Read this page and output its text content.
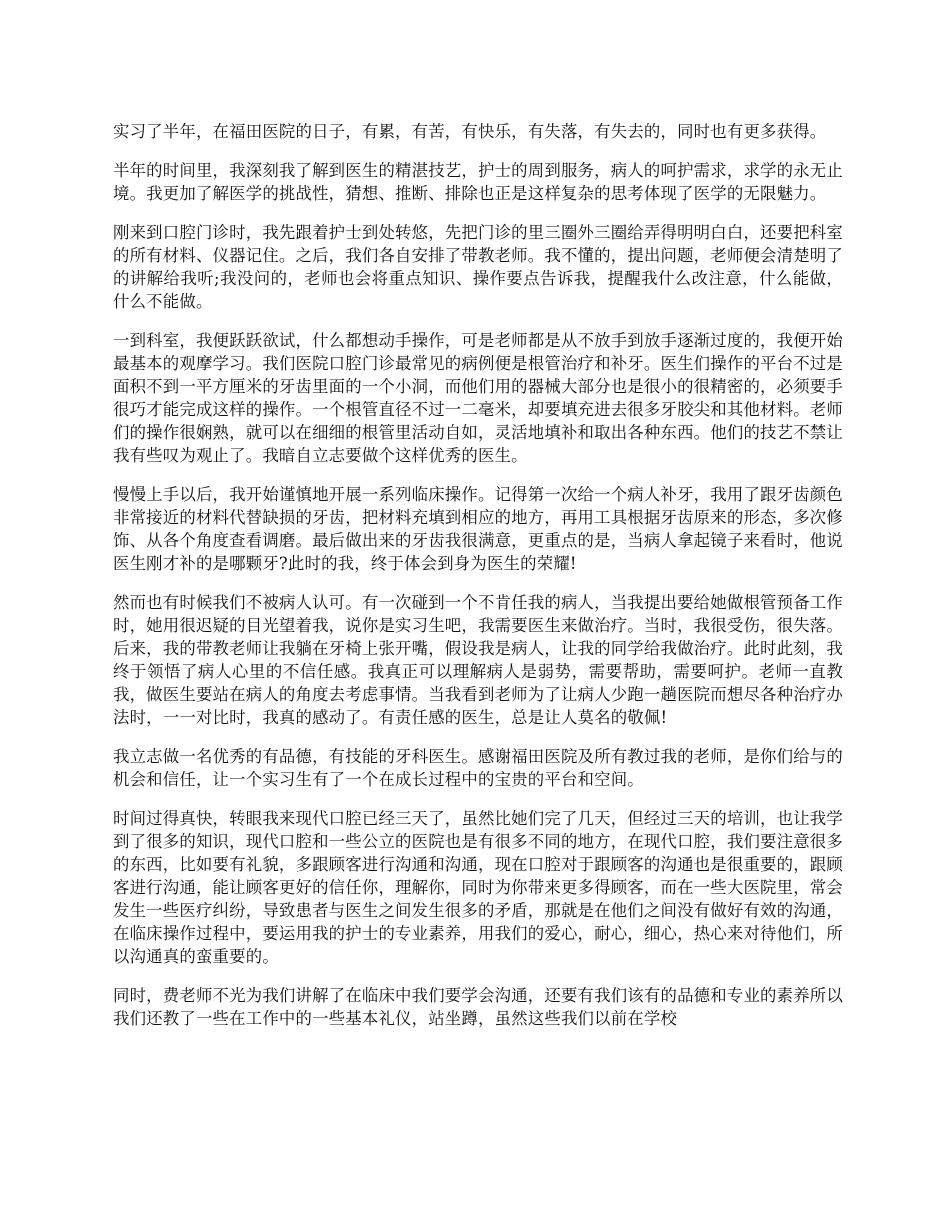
实习了半年，在福田医院的日子，有累，有苦，有快乐，有失落，有失去的，同时也有更多获得。

半年的时间里，我深刻我了解到医生的精湛技艺，护士的周到服务，病人的呵护需求，求学的永无止境。我更加了解医学的挑战性，猜想、推断、排除也正是这样复杂的思考体现了医学的无限魅力。

刚来到口腔门诊时，我先跟着护士到处转悠，先把门诊的里三圈外三圈给弄得明明白白，还要把科室的所有材料、仪器记住。之后，我们各自安排了带教老师。我不懂的，提出问题，老师便会清楚明了的讲解给我听;我没问的，老师也会将重点知识、操作要点告诉我，提醒我什么改注意，什么能做，什么不能做。

一到科室，我便跃跃欲试，什么都想动手操作，可是老师都是从不放手到放手逐渐过度的，我便开始最基本的观摩学习。我们医院口腔门诊最常见的病例便是根管治疗和补牙。医生们操作的平台不过是面积不到一平方厘米的牙齿里面的一个小洞，而他们用的器械大部分也是很小的很精密的，必须要手很巧才能完成这样的操作。一个根管直径不过一二毫米，却要填充进去很多牙胶尖和其他材料。老师们的操作很娴熟，就可以在细细的根管里活动自如，灵活地填补和取出各种东西。他们的技艺不禁让我有些叹为观止了。我暗自立志要做个这样优秀的医生。

慢慢上手以后，我开始谨慎地开展一系列临床操作。记得第一次给一个病人补牙，我用了跟牙齿颜色非常接近的材料代替缺损的牙齿，把材料充填到相应的地方，再用工具根据牙齿原来的形态，多次修饰、从各个角度查看调磨。最后做出来的牙齿我很满意，更重点的是，当病人拿起镜子来看时，他说医生刚才补的是哪颗牙?此时的我，终于体会到身为医生的荣耀!

然而也有时候我们不被病人认可。有一次碰到一个不肯任我的病人，当我提出要给她做根管预备工作时，她用很迟疑的目光望着我，说你是实习生吧，我需要医生来做治疗。当时，我很受伤，很失落。后来，我的带教老师让我躺在牙椅上张开嘴，假设我是病人，让我的同学给我做治疗。此时此刻，我终于领悟了病人心里的不信任感。我真正可以理解病人是弱势，需要帮助，需要呵护。老师一直教我，做医生要站在病人的角度去考虑事情。当我看到老师为了让病人少跑一趟医院而想尽各种治疗办法时，一一对比时，我真的感动了。有责任感的医生，总是让人莫名的敬佩!

我立志做一名优秀的有品德，有技能的牙科医生。感谢福田医院及所有教过我的老师，是你们给与的机会和信任，让一个实习生有了一个在成长过程中的宝贵的平台和空间。

时间过得真快，转眼我来现代口腔已经三天了，虽然比她们完了几天，但经过三天的培训，也让我学到了很多的知识，现代口腔和一些公立的医院也是有很多不同的地方，在现代口腔，我们要注意很多的东西，比如要有礼貌，多跟顾客进行沟通和沟通，现在口腔对于跟顾客的沟通也是很重要的，跟顾客进行沟通，能让顾客更好的信任你，理解你，同时为你带来更多得顾客，而在一些大医院里，常会发生一些医疗纠纷，导致患者与医生之间发生很多的矛盾，那就是在他们之间没有做好有效的沟通，在临床操作过程中，要运用我的护士的专业素养，用我们的爱心，耐心，细心，热心来对待他们，所以沟通真的蛮重要的。

同时，费老师不光为我们讲解了在临床中我们要学会沟通，还要有我们该有的品德和专业的素养所以我们还教了一些在工作中的一些基本礼仪，站坐蹲，虽然这些我们以前在学校
